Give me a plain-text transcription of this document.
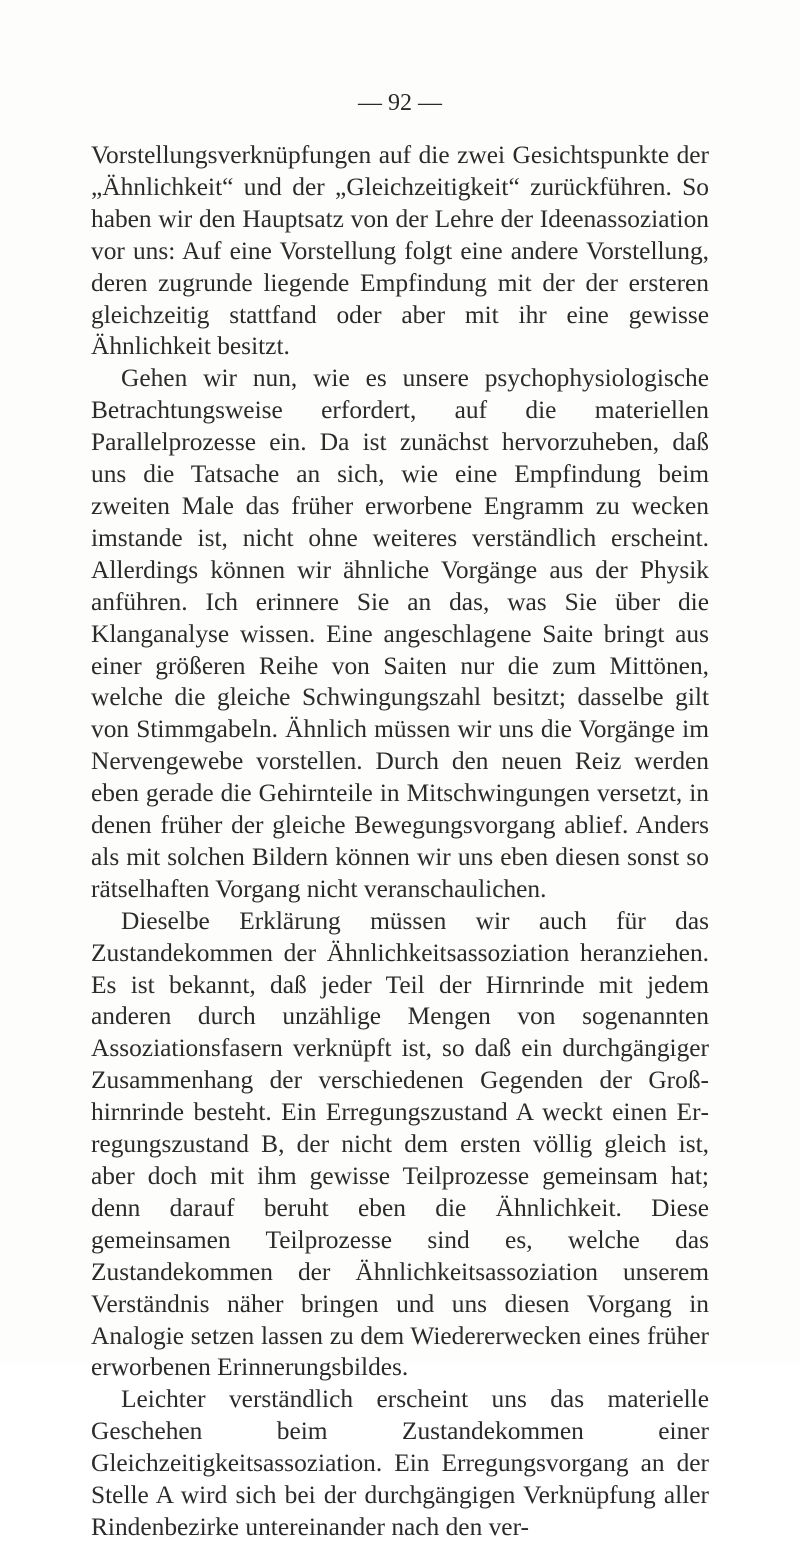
— 92 —

Vorstellungsverknüpfungen auf die zwei Gesichtspunkte der „Ähnlichkeit“ und der „Gleichzeitigkeit“ zurückführen. So haben wir den Hauptsatz von der Lehre der Ideenassoziation vor uns: Auf eine Vorstellung folgt eine andere Vorstellung, deren zugrunde liegende Empfindung mit der der ersteren gleichzeitig stattfand oder aber mit ihr eine gewisse Ähnlichkeit besitzt.

Gehen wir nun, wie es unsere psychophysiologische Betrachtungsweise erfordert, auf die materiellen Parallelprozesse ein. Da ist zunächst hervorzuheben, daß uns die Tatsache an sich, wie eine Empfindung beim zweiten Male das früher erworbene Engramm zu wecken imstande ist, nicht ohne weiteres verständlich erscheint. Allerdings können wir ähnliche Vorgänge aus der Physik anführen. Ich erinnere Sie an das, was Sie über die Klanganalyse wissen. Eine angeschlagene Saite bringt aus einer größeren Reihe von Saiten nur die zum Mittönen, welche die gleiche Schwingungszahl besitzt; dasselbe gilt von Stimmgabeln. Ähnlich müssen wir uns die Vorgänge im Nervengewebe vorstellen. Durch den neuen Reiz werden eben gerade die Gehirnteile in Mitschwingungen versetzt, in denen früher der gleiche Bewegungsvorgang ablief. Anders als mit solchen Bildern können wir uns eben diesen sonst so rätselhaften Vorgang nicht veranschaulichen.

Dieselbe Erklärung müssen wir auch für das Zustandekommen der Ähnlichkeitsassoziation heranziehen. Es ist bekannt, daß jeder Teil der Hirnrinde mit jedem anderen durch unzählige Mengen von sogenannten Assoziationsfasern verknüpft ist, so daß ein durchgängiger Zusammenhang der verschiedenen Gegenden der Großhirnrinde besteht. Ein Erregungszustand A weckt einen Erregungszustand B, der nicht dem ersten völlig gleich ist, aber doch mit ihm gewisse Teilprozesse gemeinsam hat; denn darauf beruht eben die Ähnlichkeit. Diese gemeinsamen Teilprozesse sind es, welche das Zustandekommen der Ähnlichkeitsassoziation unserem Verständnis näher bringen und uns diesen Vorgang in Analogie setzen lassen zu dem Wiedererwecken eines früher erworbenen Erinnerungsbildes.

Leichter verständlich erscheint uns das materielle Geschehen beim Zustandekommen einer Gleichzeitigkeitsassoziation. Ein Erregungsvorgang an der Stelle A wird sich bei der durchgängigen Verknüpfung aller Rindenbezirke untereinander nach den ver-
